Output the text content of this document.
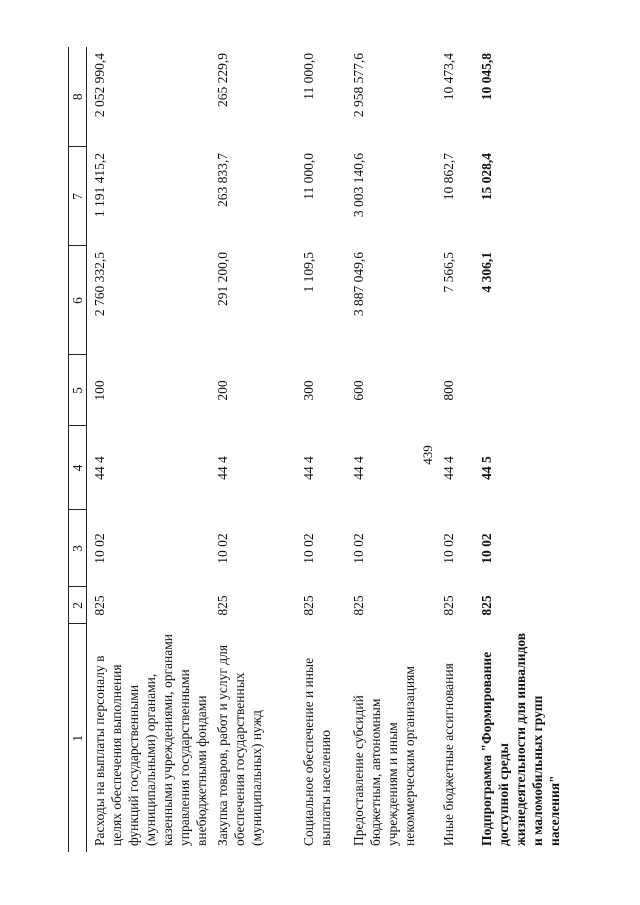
439
1	2	3	4	5	6	7	8
Расходы на выплаты персоналу в целях обеспечения выполнения функций государственными (муниципальными) органами, казенными учреждениями, органами управления государственными внебюджетными фондами	825	10 02	44 4	100	2 760 332,5	1 191 415,2	2 052 990,4
Закупка товаров, работ и услуг для обеспечения государственных (муниципальных) нужд	825	10 02	44 4	200	291 200,0	263 833,7	265 229,9
Социальное обеспечение и иные выплаты населению	825	10 02	44 4	300	1 109,5	11 000,0	11 000,0
Предоставление субсидий бюджетным, автономным учреждениям и иным некоммерческим организациям	825	10 02	44 4	600	3 887 049,6	3 003 140,6	2 958 577,6
Иные бюджетные ассигнования	825	10 02	44 4	800	7 566,5	10 862,7	10 473,4
Подпрограмма "Формирование доступной среды жизнедеятельности для инвалидов и маломобильных групп населения"	825	10 02	44 5		4 306,1	15 028,4	10 045,8
